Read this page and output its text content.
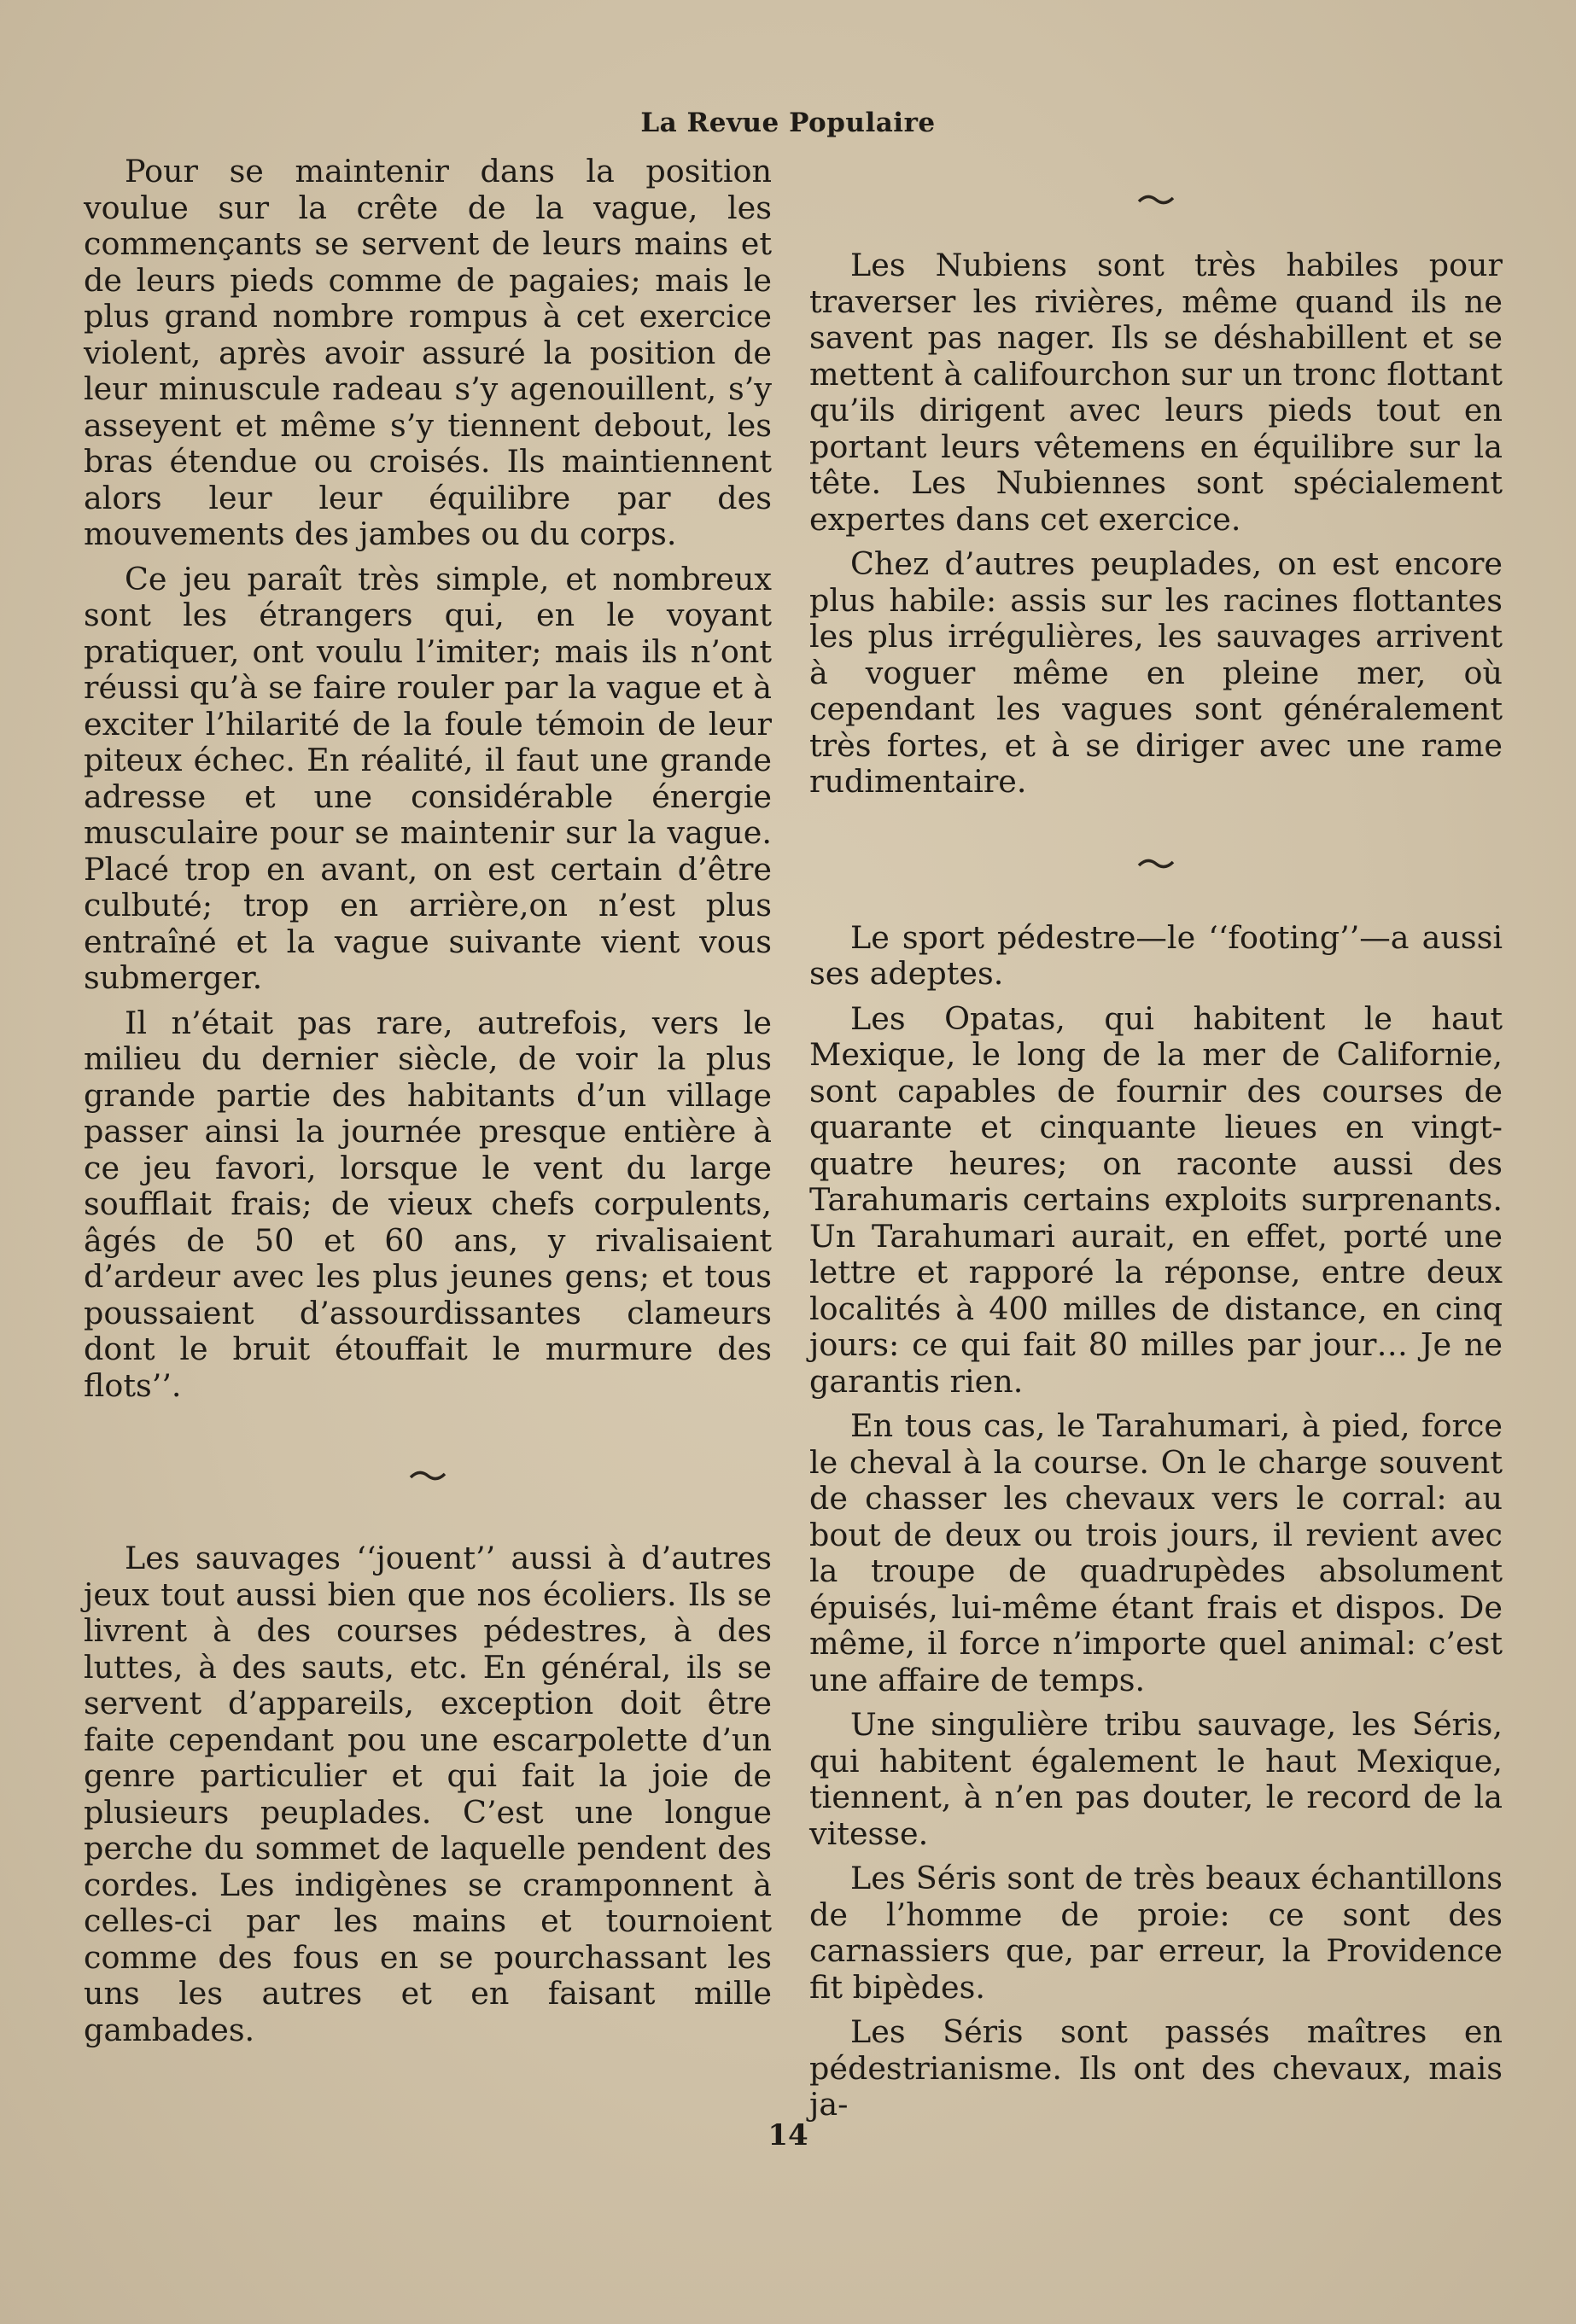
La Revue Populaire

Pour se maintenir dans la position voulue sur la crête de la vague, les commençants se servent de leurs mains et de leurs pieds comme de pagaies; mais le plus grand nombre rompus à cet exercice violent, après avoir assuré la position de leur minuscule radeau s’y agenouillent, s’y asseyent et même s’y tiennent debout, les bras étendue ou croisés. Ils maintiennent alors leur leur équilibre par des mouvements des jambes ou du corps.

Ce jeu paraît très simple, et nombreux sont les étrangers qui, en le voyant pratiquer, ont voulu l’imiter; mais ils n’ont réussi qu’à se faire rouler par la vague et à exciter l’hilarité de la foule témoin de leur piteux échec. En réalité, il faut une grande adresse et une considérable énergie musculaire pour se maintenir sur la vague. Placé trop en avant, on est certain d’être culbuté; trop en arrière,on n’est plus entraîné et la vague suivante vient vous submerger.

Il n’était pas rare, autrefois, vers le milieu du dernier siècle, de voir la plus grande partie des habitants d’un village passer ainsi la journée presque entière à ce jeu favori, lorsque le vent du large soufflait frais; de vieux chefs corpulents, âgés de 50 et 60 ans, y rivalisaient d’ardeur avec les plus jeunes gens; et tous poussaient d’assourdissantes clameurs dont le bruit étouffait le murmure des flots’’.

Les sauvages ‘‘jouent’’ aussi à d’autres jeux tout aussi bien que nos écoliers. Ils se livrent à des courses pédestres, à des luttes, à des sauts, etc. En général, ils se servent d’appareils, exception doit être faite cependant pou une escarpolette d’un genre particulier et qui fait la joie de plusieurs peuplades. C’est une longue perche du sommet de laquelle pendent des cordes. Les indigènes se cramponnent à celles-ci par les mains et tournoient comme des fous en se pourchassant les uns les autres et en faisant mille gambades.

Les Nubiens sont très habiles pour traverser les rivières, même quand ils ne savent pas nager. Ils se déshabillent et se mettent à califourchon sur un tronc flottant qu’ils dirigent avec leurs pieds tout en portant leurs vêtemens en équilibre sur la tête. Les Nubiennes sont spécialement expertes dans cet exercice.

Chez d’autres peuplades, on est encore plus habile: assis sur les racines flottantes les plus irrégulières, les sauvages arrivent à voguer même en pleine mer, où cependant les vagues sont généralement très fortes, et à se diriger avec une rame rudimentaire.

Le sport pédestre—le ‘‘footing’’—a aussi ses adeptes.

Les Opatas, qui habitent le haut Mexique, le long de la mer de Californie, sont capables de fournir des courses de quarante et cinquante lieues en vingt-quatre heures; on raconte aussi des Tarahumaris certains exploits surprenants. Un Tarahumari aurait, en effet, porté une lettre et rapporé la réponse, entre deux localités à 400 milles de distance, en cinq jours: ce qui fait 80 milles par jour… Je ne garantis rien.

En tous cas, le Tarahumari, à pied, force le cheval à la course. On le charge souvent de chasser les chevaux vers le corral: au bout de deux ou trois jours, il revient avec la troupe de quadrupèdes absolument épuisés, lui-même étant frais et dispos. De même, il force n’importe quel animal: c’est une affaire de temps.

Une singulière tribu sauvage, les Séris, qui habitent également le haut Mexique, tiennent, à n’en pas douter, le record de la vitesse.

Les Séris sont de très beaux échantillons de l’homme de proie: ce sont des carnassiers que, par erreur, la Providence fit bipèdes.

Les Séris sont passés maîtres en pédestrianisme. Ils ont des chevaux, mais ja-

14
